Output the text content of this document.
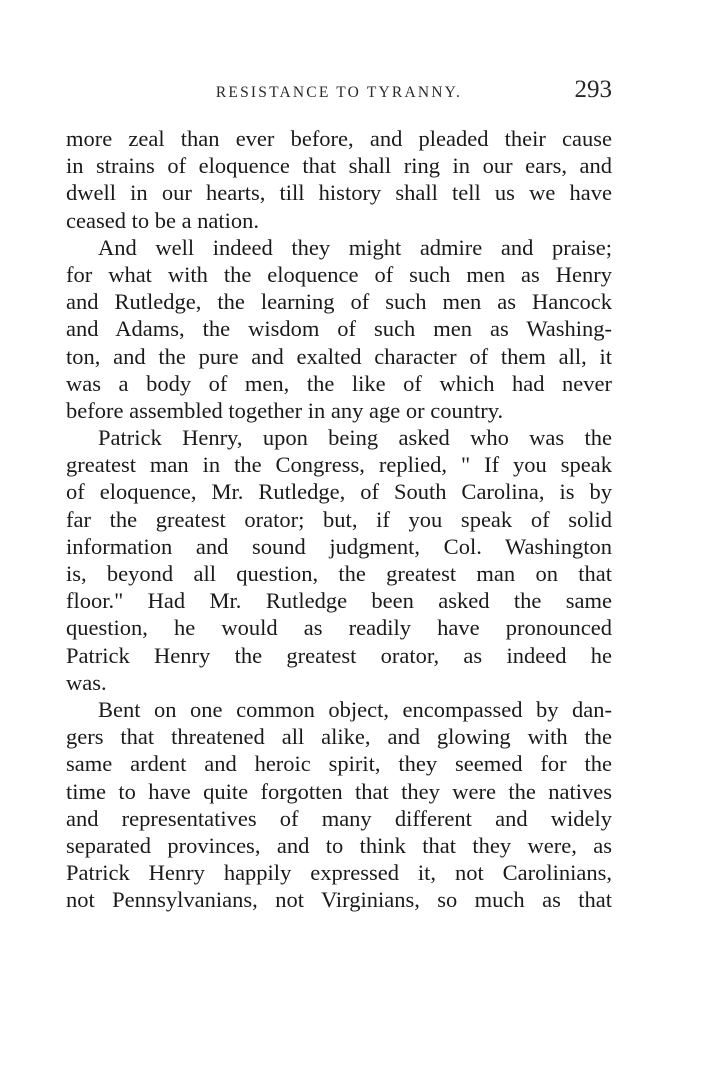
RESISTANCE TO TYRANNY.	293
more zeal than ever before, and pleaded their cause
in strains of eloquence that shall ring in our ears, and
dwell in our hearts, till history shall tell us we have
ceased to be a nation.
And well indeed they might admire and praise;
for what with the eloquence of such men as Henry
and Rutledge, the learning of such men as Hancock
and Adams, the wisdom of such men as Washing-
ton, and the pure and exalted character of them all, it
was a body of men, the like of which had never
before assembled together in any age or country.
Patrick Henry, upon being asked who was the
greatest man in the Congress, replied, " If you speak
of eloquence, Mr. Rutledge, of South Carolina, is by
far the greatest orator; but, if you speak of solid
information and sound judgment, Col. Washington
is, beyond all question, the greatest man on that
floor." Had Mr. Rutledge been asked the same
question, he would as readily have pronounced
Patrick Henry the greatest orator, as indeed he
was.
Bent on one common object, encompassed by dan-
gers that threatened all alike, and glowing with the
same ardent and heroic spirit, they seemed for the
time to have quite forgotten that they were the natives
and representatives of many different and widely
separated provinces, and to think that they were, as
Patrick Henry happily expressed it, not Carolinians,
not Pennsylvanians, not Virginians, so much as that
